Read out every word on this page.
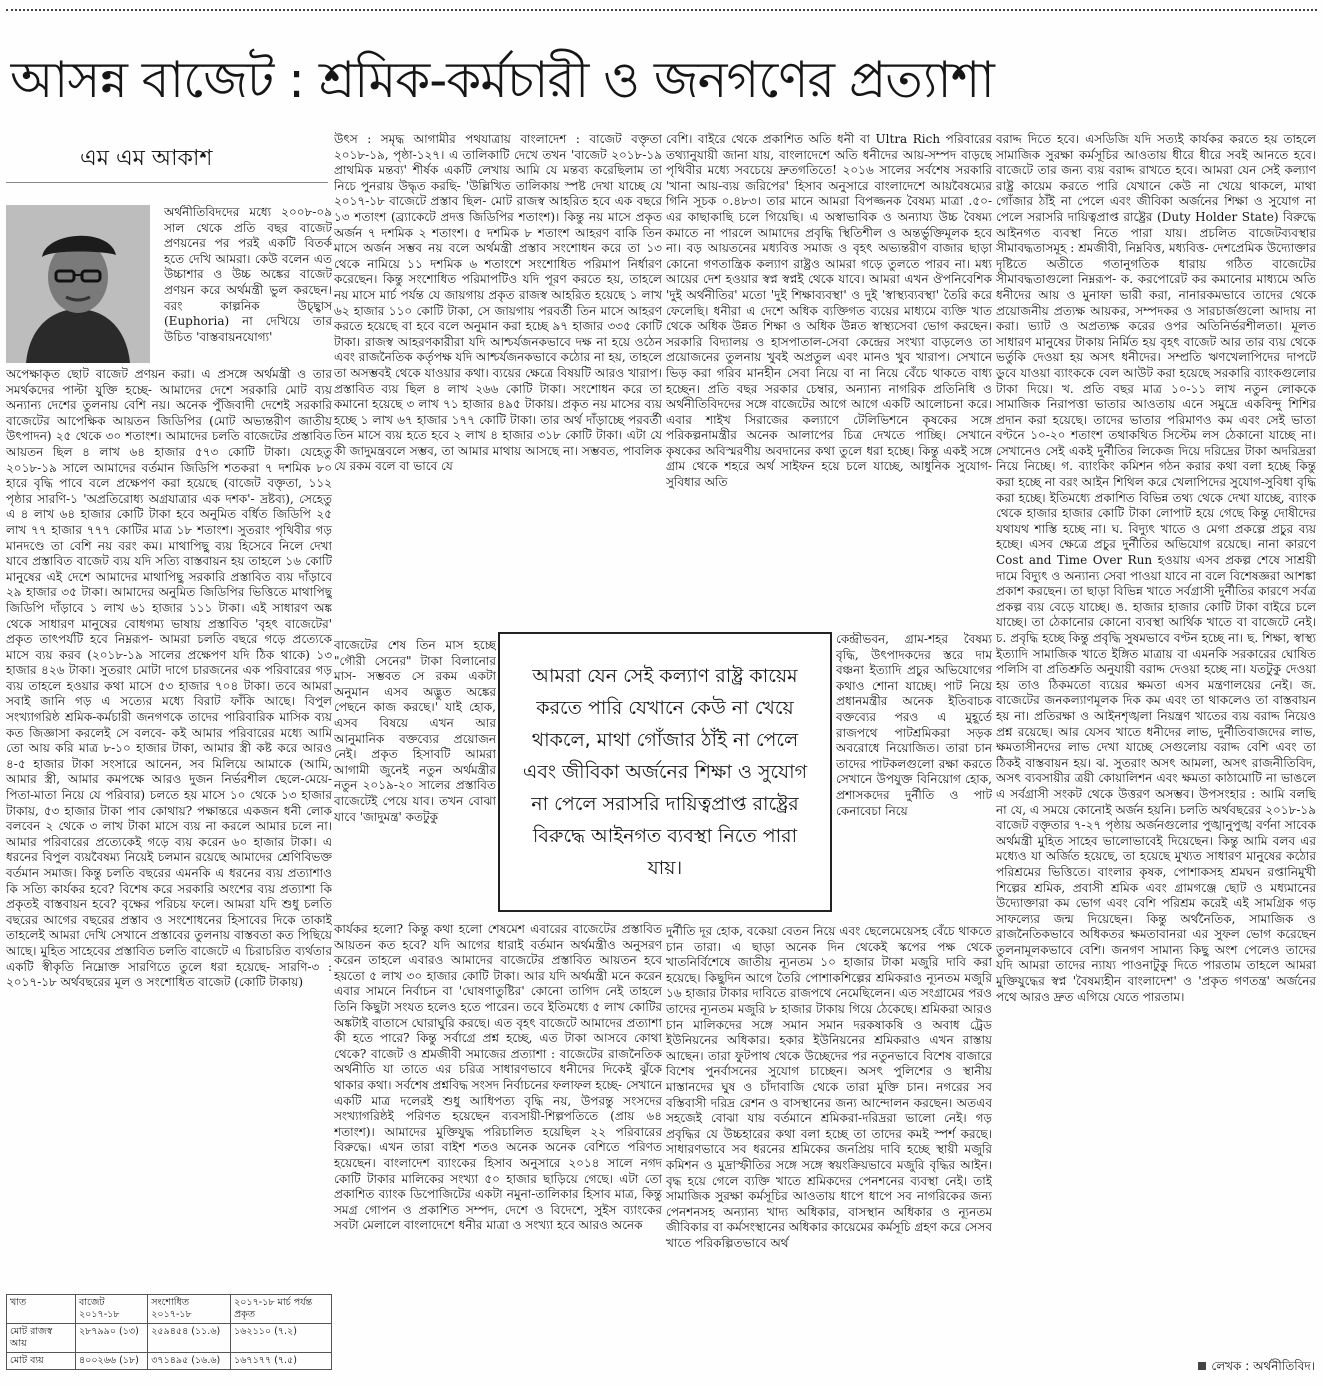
আসন্ন বাজেট : শ্রমিক-কর্মচারী ও জনগণের প্রত্যাশা
এম এম আকাশ

অর্থনীতিবিদদের মধ্যে ২০০৮-০৯ সাল থেকে প্রতি বছর বাজেট প্রণয়নের পর পরই একটি বিতর্ক হতে দেখি আমরা। কেউ বলেন এত উচ্চাশার ও উচ্চ অঙ্কের বাজেট প্রণয়ন করে অর্থমন্ত্রী ভুল করছেন। বরং কাল্পনিক উচ্ছ্বাস (Euphoria) না দেখিয়ে তার উচিত 'বাস্তবায়নযোগ্য'

অপেক্ষাকৃত ছোট বাজেট প্রণয়ন করা। এ প্রসঙ্গে অর্থমন্ত্রী ও তার সমর্থকদের পাল্টা যুক্তি হচ্ছে- আমাদের দেশে সরকারি মোট ব্যয় অন্যান্য দেশের তুলনায় বেশি নয়। অনেক পুঁজিবাদী দেশেই সরকারি বাজেটের আপেক্ষিক আয়তন জিডিপির (মোট অভ্যন্তরীণ জাতীয় উৎপাদন) ২৫ থেকে ৩০ শতাংশ। আমাদের চলতি বাজেটের প্রস্তাবিত আয়তন ছিল ৪ লাখ ৬৪ হাজার ৫৭৩ কোটি টাকা। যেহেতু ২০১৮-১৯ সালে আমাদের বর্তমান জিডিপি শতকরা ৭ দশমিক ৮০ হারে বৃদ্ধি পাবে বলে প্রক্ষেপণ করা হয়েছে (বাজেট বক্তৃতা, ১১২ পৃষ্ঠার সারণি-১ 'অপ্রতিরোধ্য অগ্রযাত্রার এক দশক'- দ্রষ্টব্য), সেহেতু এ ৪ লাখ ৬৪ হাজার কোটি টাকা হবে অনুমিত বর্ধিত জিডিপি ২৫ লাখ ৭৭ হাজার ৭৭৭ কোটির মাত্র ১৮ শতাংশ। সুতরাং পৃথিবীর গড় মানদণ্ডে তা বেশি নয় বরং কম। মাথাপিছু ব্যয় হিসেবে নিলে দেখা যাবে প্রস্তাবিত বাজেট ব্যয় যদি সত্যি বাস্তবায়ন হয় তাহলে ১৬ কোটি মানুষের এই দেশে আমাদের মাথাপিছু সরকারি প্রস্তাবিত ব্যয় দাঁড়াবে ২৯ হাজার ৩৫ টাকা। আমাদের অনুমিত জিডিপির ভিত্তিতে মাথাপিছু জিডিপি দাঁড়াবে ১ লাখ ৬১ হাজার ১১১ টাকা। এই সাধারণ অঙ্ক থেকে সাধারণ মানুষের বোধগম্য ভাষায় প্রস্তাবিত 'বৃহৎ বাজেটের' প্রকৃত তাৎপর্যটি হবে নিম্নরূপ- আমরা চলতি বছরে গড়ে প্রত্যেকে মাসে ব্যয় করব (২০১৮-১৯ সালের প্রক্ষেপণ যদি ঠিক থাকে) ১৩ হাজার ৪২৬ টাকা। সুতরাং মোটা দাগে চারজনের এক পরিবারের গড় ব্যয় তাহলে হওয়ার কথা মাসে ৫৩ হাজার ৭০৪ টাকা। তবে আমরা সবাই জানি গড় এ সত্যের মধ্যে বিরাট ফাঁকি আছে। বিপুল সংখ্যাগরিষ্ঠ শ্রমিক-কর্মচারী জনগণকে তাদের পারিবারিক মাসিক ব্যয় কত জিজ্ঞাসা করলেই সে বলবে- কই আমার পরিবারের মধ্যে আমি তো আয় করি মাত্র ৮-১০ হাজার টাকা, আমার স্ত্রী কষ্ট করে আরও ৪-৫ হাজার টাকা সংসারে আনেন, সব মিলিয়ে আমাকে (আমি, আমার স্ত্রী, আমার কমপক্ষে আরও দুজন নির্ভরশীল ছেলে-মেয়ে-পিতা-মাতা নিয়ে যে পরিবার) চলতে হয় মাসে ১০ থেকে ১৩ হাজার টাকায়, ৫৩ হাজার টাকা পাব কোথায়? পক্ষান্তরে একজন ধনী লোক বলবেন ২ থেকে ৩ লাখ টাকা মাসে ব্যয় না করলে আমার চলে না। আমার পরিবারের প্রত্যেকেই গড়ে ব্যয় করেন ৬০ হাজার টাকা। এ ধরনের বিপুল ব্যয়বৈষম্য নিয়েই চলমান রয়েছে আমাদের শ্রেণিবিভক্ত বর্তমান সমাজ। কিন্তু চলতি বছরের এমনকি এ ধরনের ব্যয় প্রত্যাশাও কি সত্যি কার্যকর হবে? বিশেষ করে সরকারি অংশের ব্যয় প্রত্যাশা কি প্রকৃতই বাস্তবায়ন হবে? বৃক্ষের পরিচয় ফলে। আমরা যদি শুধু চলতি বছরের আগের বছরের প্রস্তাব ও সংশোধনের হিসাবের দিকে তাকাই তাহলেই আমরা দেখি সেখানে প্রস্তাবের তুলনায় বাস্তবতা কত পিছিয়ে আছে। মুহিত সাহেবের প্রস্তাবিত চলতি বাজেটে এ চিরাচরিত ব্যর্থতার একটি স্বীকৃতি নিম্নোক্ত সারণিতে তুলে ধরা হয়েছে- সারণি-৩ : ২০১৭-১৮ অর্থবছরের মূল ও সংশোধিত বাজেট (কোটি টাকায়)

খাত	বাজেট ২০১৭-১৮	সংশোধিত ২০১৭-১৮	২০১৭-১৮ মার্চ পর্যন্ত প্রকৃত
মোট রাজস্ব আয়	২৮৭৯৯০ (১৩)	২৫৯৪৫৪ (১১.৬)	১৬২১১০ (৭.২)
মোট ব্যয়	৪০০২৬৬ (১৮)	৩৭১৪৯৫ (১৬.৬)	১৬৭১৭৭ (৭.৫)

উৎস : সমৃদ্ধ আগামীর পথযাত্রায় বাংলাদেশ : বাজেট বক্তৃতা ২০১৮-১৯, পৃষ্ঠা-১২৭। এ তালিকাটি দেখে তখন 'বাজেট ২০১৮-১৯ প্রাথমিক মন্তব্য' শীর্ষক একটি লেখায় আমি যে মন্তব্য করেছিলাম তা নিচে পুনরায় উদ্ধৃত করছি- 'উল্লিখিত তালিকায় স্পষ্ট দেখা যাচ্ছে যে ২০১৭-১৮ বাজেটে প্রস্তাব ছিল- মোট রাজস্ব আহরিত হবে এক বছরে ১৩ শতাংশ (ব্র্যাকেটে প্রদত্ত জিডিপির শতাংশ)। কিন্তু নয় মাসে প্রকৃত অর্জন ৭ দশমিক ২ শতাংশ। ৫ দশমিক ৮ শতাংশ আহরণ বাকি তিন মাসে অর্জন সম্ভব নয় বলে অর্থমন্ত্রী প্রস্তাব সংশোধন করে তা ১৩ থেকে নামিয়ে ১১ দশমিক ৬ শতাংশে সংশোধিত পরিমাপ নির্ধারণ করেছেন। কিন্তু সংশোধিত পরিমাপটিও যদি পূরণ করতে হয়, তাহলে নয় মাসে মার্চ পর্যন্ত যে জায়গায় প্রকৃত রাজস্ব আহরিত হয়েছে ১ লাখ ৬২ হাজার ১১০ কোটি টাকা, সে জায়গায় পরবর্তী তিন মাসে আহরণ করতে হয়েছে বা হবে বলে অনুমান করা হচ্ছে ৯৭ হাজার ৩৩৫ কোটি টাকা। রাজস্ব আহরণকারীরা যদি আশ্চর্যজনকভাবে দক্ষ না হয়ে ওঠেন এবং রাজনৈতিক কর্তৃপক্ষ যদি আশ্চর্যজনকভাবে কঠোর না হয়, তাহলে তা অসম্ভবই থেকে যাওয়ার কথা। ব্যয়ের ক্ষেত্রে বিষয়টি আরও খারাপ। প্রস্তাবিত ব্যয় ছিল ৪ লাখ ২৬৬ কোটি টাকা। সংশোধন করে তা কমানো হয়েছে ৩ লাখ ৭১ হাজার ৪৯৫ টাকায়। প্রকৃত নয় মাসের ব্যয় হচ্ছে ১ লাখ ৬৭ হাজার ১৭৭ কোটি টাকা। তার অর্থ দাঁড়াচ্ছে পরবর্তী তিন মাসে ব্যয় হতে হবে ২ লাখ ৪ হাজার ৩১৮ কোটি টাকা। এটা যে কী জাদুমন্ত্রবলে সম্ভব, তা আমার মাথায় আসছে না। সম্ভবত, পাবলিক যে রকম বলে বা ভাবে যে

কার্যকর হলো? কিন্তু কথা হলো শেষমেশ এবারের বাজেটের প্রস্তাবিত আয়তন কত হবে? যদি আগের ধারাই বর্তমান অর্থমন্ত্রীও অনুসরণ করেন তাহলে এবারও আমাদের বাজেটের প্রস্তাবিত আয়তন হবে হয়তো ৫ লাখ ৩০ হাজার কোটি টাকা। আর যদি অর্থমন্ত্রী মনে করেন এবার সামনে নির্বাচন বা 'ঘোষণাতুষ্টির' কোনো তাগিদ নেই তাহলে তিনি কিছুটা সংযত হলেও হতে পারেন। তবে ইতিমধ্যে ৫ লাখ কোটির অঙ্কটাই বাতাসে ঘোরাঘুরি করছে। এত বৃহৎ বাজেটে আমাদের প্রত্যাশা কী হতে পারে? কিন্তু সর্বাগ্রে প্রশ্ন হচ্ছে, এত টাকা আসবে কোথা থেকে? বাজেট ও শ্রমজীবী সমাজের প্রত্যাশা : বাজেটের রাজনৈতিক অর্থনীতি যা তাতে এর চরিত্র সাধারণভাবে ধনীদের দিকেই ঝুঁকে থাকার কথা। সর্বশেষ প্রশ্নবিদ্ধ সংসদ নির্বাচনের ফলাফল হচ্ছে- সেখানে একটি মাত্র দলেরই শুধু আধিপত্য বৃদ্ধি নয়, উপরন্তু সংসদের সংখ্যাগরিষ্ঠই পরিণত হয়েছেন ব্যবসায়ী-শিল্পপতিতে (প্রায় ৬৪ শতাংশ)। আমাদের মুক্তিযুদ্ধ পরিচালিত হয়েছিল ২২ পরিবারের বিরুদ্ধে। এখন তারা বাইশ শতও অনেক অনেক বেশিতে পরিণত হয়েছেন। বাংলাদেশ ব্যাংকের হিসাব অনুসারে ২০১৪ সালে নগদ কোটি টাকার মালিকের সংখ্যা ৫০ হাজার ছাড়িয়ে গেছে। এটা তো প্রকাশিত ব্যাংক ডিপোজিটের একটা নমুনা-তালিকার হিসাব মাত্র, কিন্তু সমগ্র গোপন ও প্রকাশিত সম্পদ, দেশে ও বিদেশে, সুইস ব্যাংকের সবটা মেলালে বাংলাদেশে ধনীর মাত্রা ও সংখ্যা হবে আরও অনেক

বাজেটের শেষ তিন মাস হচ্ছে "গৌরী সেনের" টাকা বিলানোর মাস- সম্ভবত সে রকম একটা অনুমান এসব অদ্ভুত অঙ্কের পেছনে কাজ করছে।' যাই হোক, এসব বিষয়ে এখন আর আনুমানিক বক্তব্যের প্রয়োজন নেই। প্রকৃত হিসাবটি আমরা আগামী জুনেই নতুন অর্থমন্ত্রীর নতুন ২০১৯-২০ সালের প্রস্তাবিত বাজেটেই পেয়ে যাব। তখন বোঝা যাবে 'জাদুমন্ত্র' কতটুকু

বেশি। বাইরে থেকে প্রকাশিত অতি ধনী বা Ultra Rich পরিবারের তথ্যানুযায়ী জানা যায়, বাংলাদেশে অতি ধনীদের আয়-সম্পদ বাড়ছে পৃথিবীর মধ্যে সবচেয়ে দ্রুতগতিতে! ২০১৬ সালের সর্বশেষ সরকারি 'খানা আয়-ব্যয় জরিপের' হিসাব অনুসারে বাংলাদেশে আয়বৈষম্যের গিনি সূচক ০.৪৮৩। তার মানে আমরা বিপজ্জনক বৈষম্য মাত্রা .৫০-এর কাছাকাছি চলে গিয়েছি। এ অস্বাভাবিক ও অন্যায্য উচ্চ বৈষম্য কমাতে না পারলে আমাদের প্রবৃদ্ধি স্থিতিশীল ও অন্তর্ভুক্তিমূলক হবে না। বড় আয়তনের মধ্যবিত্ত সমাজ ও বৃহৎ অভ্যন্তরীণ বাজার ছাড়া কোনো গণতান্ত্রিক কল্যাণ রাষ্ট্রও আমরা গড়ে তুলতে পারব না। মধ্য আয়ের দেশ হওয়ার স্বপ্ন স্বপ্নই থেকে যাবে। আমরা এখন ঔপনিবেশিক 'দুই অর্থনীতির' মতো 'দুই শিক্ষাব্যবস্থা' ও দুই 'স্বাস্থ্যব্যবস্থা' তৈরি করে ফেলেছি। ধনীরা এ দেশে অধিক ব্যক্তিগত ব্যয়ের মাধ্যমে ব্যক্তি খাত থেকে অধিক উন্নত শিক্ষা ও অধিক উন্নত স্বাস্থ্যসেবা ভোগ করছেন। সরকারি বিদ্যালয় ও হাসপাতাল-সেবা কেন্দ্রের সংখ্যা বাড়লেও তা প্রয়োজনের তুলনায় খুবই অপ্রতুল এবং মানও খুব খারাপ। সেখানে ভিড় করা গরিব মানহীন সেবা নিয়ে বা না নিয়ে বেঁচে থাকতে বাধ্য হচ্ছেন। প্রতি বছর সরকার চেম্বার, অন্যান্য নাগরিক প্রতিনিধি ও অর্থনীতিবিদদের সঙ্গে বাজেটের আগে আগে একটি আলোচনা করে। এবার শাইখ সিরাজের কল্যাণে টেলিভিশনে কৃষকের সঙ্গে পরিকল্পনামন্ত্রীর অনেক আলাপের চিত্র দেখতে পাচ্ছি। সেখানে কৃষকের অবিস্মরণীয় অবদানের কথা তুলে ধরা হচ্ছে। কিন্তু একই সঙ্গে গ্রাম থেকে শহরে অর্থ সাইফন হয়ে চলে যাচ্ছে, আধুনিক সুযোগ-সুবিধার অতি

দুর্নীতি দূর হোক, বকেয়া বেতন নিয়ে এবং ছেলেমেয়েসহ বেঁচে থাকতে চান তারা। এ ছাড়া অনেক দিন থেকেই স্কপের পক্ষ থেকে খাতনির্বিশেষে জাতীয় ন্যূনতম ১০ হাজার টাকা মজুরি দাবি করা হয়েছে। কিছুদিন আগে তৈরি পোশাকশিল্পের শ্রমিকরাও ন্যূনতম মজুরি ১৬ হাজার টাকার দাবিতে রাজপথে নেমেছিলেন। এত সংগ্রামের পরও তাদের ন্যূনতম মজুরি ৮ হাজার টাকায় গিয়ে ঠেকেছে। শ্রমিকরা আরও চান মালিকদের সঙ্গে সমান সমান দরকষাকষি ও অবাধ ট্রেড ইউনিয়নের অধিকার। হকার ইউনিয়নের শ্রমিকরাও এখন রাস্তায় আছেন। তারা ফুটপাথ থেকে উচ্ছেদের পর নতুনভাবে বিশেষ বাজারে বিশেষ পুনর্বাসনের সুযোগ চাচ্ছেন। অসৎ পুলিশের ও স্থানীয় মাস্তানদের ঘুষ ও চাঁদাবাজি থেকে তারা মুক্তি চান। নগরের সব বস্তিবাসী দরিদ্র রেশন ও বাসস্থানের জন্য আন্দোলন করছেন। অতএব সহজেই বোঝা যায় বর্তমানে শ্রমিকরা-দরিদ্ররা ভালো নেই। গড় প্রবৃদ্ধির যে উচ্চহারের কথা বলা হচ্ছে তা তাদের কমই স্পর্শ করছে। সাধারণভাবে সব ধরনের শ্রমিকের জনপ্রিয় দাবি হচ্ছে স্থায়ী মজুরি কমিশন ও মুদ্রাস্ফীতির সঙ্গে সঙ্গে স্বয়ংক্রিয়ভাবে মজুরি বৃদ্ধির আইন। বৃদ্ধ হয়ে গেলে ব্যক্তি খাতে শ্রমিকদের পেনশনের ব্যবস্থা নেই। তাই সামাজিক সুরক্ষা কর্মসূচির আওতায় ধাপে ধাপে সব নাগরিকের জন্য পেনশনসহ অন্যান্য খাদ্য অধিকার, বাসস্থান অধিকার ও ন্যূনতম জীবিকার বা কর্মসংস্থানের অধিকার কায়েমের কর্মসূচি গ্রহণ করে সেসব খাতে পরিকল্পিতভাবে অর্থ

কেন্দ্রীভবন, গ্রাম-শহর বৈষম্য বৃদ্ধি, উৎপাদকদের স্তরে দাম বঞ্চনা ইত্যাদি প্রচুর অভিযোগের কথাও শোনা যাচ্ছে। পাট নিয়ে প্রধানমন্ত্রীর অনেক ইতিবাচক বক্তব্যের পরও এ মুহূর্তে রাজপথে পাটশ্রমিকরা সড়ক অবরোধে নিয়োজিত। তারা চান তাদের পাটকলগুলো রক্ষা করতে সেখানে উপযুক্ত বিনিয়োগ হোক, প্রশাসকদের দুর্নীতি ও পাট কেনাবেচা নিয়ে

আমরা যেন সেই কল্যাণ রাষ্ট্র কায়েম করতে পারি যেখানে কেউ না খেয়ে থাকলে, মাথা গোঁজার ঠাঁই না পেলে এবং জীবিকা অর্জনের শিক্ষা ও সুযোগ না পেলে সরাসরি দায়িত্বপ্রাপ্ত রাষ্ট্রের বিরুদ্ধে আইনগত ব্যবস্থা নিতে পারা যায়।

বরাদ্দ দিতে হবে। এসডিজি যদি সত্যই কার্যকর করতে হয় তাহলে সামাজিক সুরক্ষা কর্মসূচির আওতায় ধীরে ধীরে সবই আনতে হবে। বাজেটে তার জন্য ব্যয় বরাদ্দ রাখতে হবে। আমরা যেন সেই কল্যাণ রাষ্ট্র কায়েম করতে পারি যেখানে কেউ না খেয়ে থাকলে, মাথা গোঁজার ঠাঁই না পেলে এবং জীবিকা অর্জনের শিক্ষা ও সুযোগ না পেলে সরাসরি দায়িত্বপ্রাপ্ত রাষ্ট্রের (Duty Holder State) বিরুদ্ধে আইনগত ব্যবস্থা নিতে পারা যায়। প্রচলিত বাজেটব্যবস্থার সীমাবদ্ধতাসমূহ : শ্রমজীবী, নিম্নবিত্ত, মধ্যবিত্ত- দেশপ্রেমিক উদ্যোক্তার দৃষ্টিতে অতীতে গতানুগতিক ধারায় গঠিত বাজেটের সীমাবদ্ধতাগুলো নিম্নরূপ- ক. করপোরেট কর কমানোর মাধ্যমে অতি ধনীদের আয় ও মুনাফা ভারী করা, নানারকমভাবে তাদের থেকে প্রয়োজনীয় প্রত্যক্ষ আয়কর, সম্পদকর ও সারচার্জগুলো আদায় না করা। ভ্যাট ও অপ্রত্যক্ষ করের ওপর অতিনির্ভরশীলতা। মূলত সাধারণ মানুষের টাকায় নির্মিত হয় বৃহৎ বাজেট আর তার ব্যয় থেকে ভর্তুকি দেওয়া হয় অসৎ ধনীদের। সম্প্রতি ঋণখেলাপিদের দাপটে ডুবে যাওয়া ব্যাংককে বেল আউট করা হয়েছে সরকারি ব্যাংকগুলোর টাকা দিয়ে। খ. প্রতি বছর মাত্র ১০-১১ লাখ নতুন লোককে সামাজিক নিরাপত্তা ভাতার আওতায় এনে সমুদ্রে একবিন্দু শিশির প্রদান করা হয়েছে। তাদের ভাতার পরিমাণও কম এবং সেই ভাতা বণ্টনে ১০-২০ শতাংশ তথাকথিত সিস্টেম লস ঠেকানো যাচ্ছে না। সেখানেও সেই একই দুর্নীতির লিকেজ দিয়ে দরিদ্রের টাকা অদরিদ্ররা নিয়ে নিচ্ছে। গ. ব্যাংকিং কমিশন গঠন করার কথা বলা হচ্ছে কিন্তু করা হচ্ছে না বরং আইন শিথিল করে খেলাপিদের সুযোগ-সুবিধা বৃদ্ধি করা হচ্ছে। ইতিমধ্যে প্রকাশিত বিভিন্ন তথ্য থেকে দেখা যাচ্ছে, ব্যাংক থেকে হাজার হাজার কোটি টাকা লোপাট হয়ে গেছে কিন্তু দোষীদের যথাযথ শাস্তি হচ্ছে না। ঘ. বিদ্যুৎ খাতে ও মেগা প্রকল্পে প্রচুর ব্যয় হচ্ছে। এসব ক্ষেত্রে প্রচুর দুর্নীতির অভিযোগ রয়েছে। নানা কারণে Cost and Time Over Run হওয়ায় এসব প্রকল্প শেষে সাশ্রয়ী দামে বিদ্যুৎ ও অন্যান্য সেবা পাওয়া যাবে না বলে বিশেষজ্ঞরা আশঙ্কা প্রকাশ করছেন। তা ছাড়া বিভিন্ন খাতে সর্বগ্রাসী দুর্নীতির কারণে সর্বত্র প্রকল্প ব্যয় বেড়ে যাচ্ছে। ঙ. হাজার হাজার কোটি টাকা বাইরে চলে যাচ্ছে। তা ঠেকানোর কোনো ব্যবস্থা আর্থিক খাতে বা বাজেটে নেই। চ. প্রবৃদ্ধি হচ্ছে কিন্তু প্রবৃদ্ধি সুষমভাবে বণ্টন হচ্ছে না। ছ. শিক্ষা, স্বাস্থ্য ইত্যাদি সামাজিক খাতে ইঙ্গিত মাত্রায় বা এমনকি সরকারের ঘোষিত পলিসি বা প্রতিশ্রুতি অনুযায়ী বরাদ্দ দেওয়া হচ্ছে না। যতটুকু দেওয়া হয় তাও ঠিকমতো ব্যয়ের ক্ষমতা এসব মন্ত্রণালয়ের নেই। জ. বাজেটের জনকল্যাণমূলক দিক কম এবং তা থাকলেও তা বাস্তবায়ন হয় না। প্রতিরক্ষা ও আইনশৃঙ্খলা নিয়ন্ত্রণ খাতের ব্যয় বরাদ্দ নিয়েও প্রশ্ন রয়েছে। আর যেসব খাতে ধনীদের লাভ, দুর্নীতিবাজদের লাভ, ক্ষমতাসীনদের লাভ দেখা যাচ্ছে সেগুলোয় বরাদ্দ বেশি এবং তা ঠিকই বাস্তবায়ন হয়। ঝ. সুতরাং অসৎ আমলা, অসৎ রাজনীতিবিদ, অসৎ ব্যবসায়ীর ত্রয়ী কোয়ালিশন এবং ক্ষমতা কাঠামোটি না ভাঙলে এ সর্বগ্রাসী সংকট থেকে উত্তরণ অসম্ভব। উপসংহার : আমি বলছি না যে, এ সময়ে কোনোই অর্জন হয়নি। চলতি অর্থবছরের ২০১৮-১৯ বাজেট বক্তৃতার ৭-২৭ পৃষ্ঠায় অর্জনগুলোর পুঙ্খানুপুঙ্খ বর্ণনা সাবেক অর্থমন্ত্রী মুহিত সাহেব ভালোভাবেই দিয়েছেন। কিন্তু আমি বলব এর মধ্যেও যা অর্জিত হয়েছে, তা হয়েছে মুখ্যত সাধারণ মানুষের কঠোর পরিশ্রমের ভিত্তিতে। বাংলার কৃষক, পোশাকসহ শ্রমঘন রপ্তানিমুখী শিল্পের শ্রমিক, প্রবাসী শ্রমিক এবং গ্রামগঞ্জে ছোট ও মধ্যমানের উদ্যোক্তারা কম ভোগ এবং বেশি পরিশ্রম করেই এই সামগ্রিক গড় সাফল্যের জন্ম দিয়েছেন। কিন্তু অর্থনৈতিক, সামাজিক ও রাজনৈতিকভাবে অধিকতর ক্ষমতাবানরা এর সুফল ভোগ করেছেন তুলনামূলকভাবে বেশি। জনগণ সামান্য কিছু অংশ পেলেও তাদের যদি আমরা তাদের ন্যায্য পাওনাটুকু দিতে পারতাম তাহলে আমরা মুক্তিযুদ্ধের স্বপ্ন 'বৈষম্যহীন বাংলাদেশ' ও 'প্রকৃত গণতন্ত্র' অর্জনের পথে আরও দ্রুত এগিয়ে যেতে পারতাম।

লেখক : অর্থনীতিবিদ।
